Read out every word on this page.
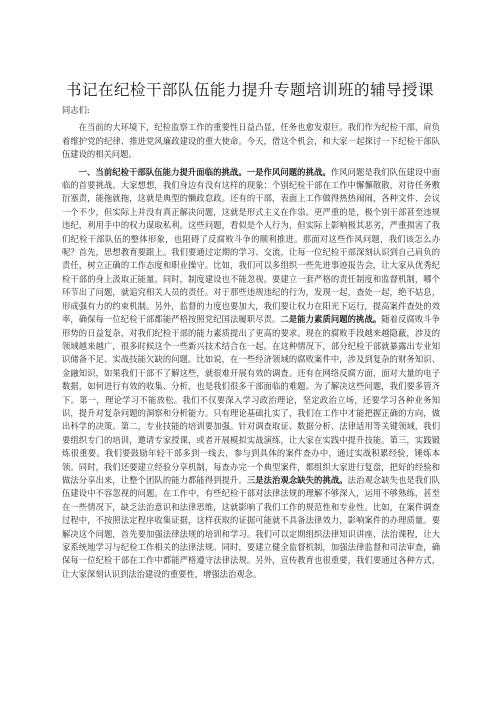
书记在纪检干部队伍能力提升专题培训班的辅导授课

同志们:

在当前的大环境下，纪检监察工作的重要性日益凸显，任务也愈发艰巨。我们作为纪检干部，肩负着维护党的纪律、推进党风廉政建设的重大使命。今天，借这个机会，和大家一起探讨一下纪检干部队伍建设的相关问题。

一、当前纪检干部队伍能力提升面临的挑战。一是作风问题的挑战。作风问题是我们队伍建设中面临的首要挑战。大家想想，我们身边有没有这样的现象：个别纪检干部在工作中懈懈散散，对待任务敷衍塞责，能拖就拖，这就是典型的懒政怠政。还有的干部，表面上工作做得热热闹闹，各种文件、会议一个不少，但实际上并没有真正解决问题，这就是形式主义在作祟。更严重的是，极个别干部甚至违规违纪，利用手中的权力谋取私利。这些问题，看似是个人行为，但实际上影响极其恶劣，严重损害了我们纪检干部队伍的整体形象，也阻碍了反腐败斗争的顺利推进。那面对这些作风问题，我们该怎么办呢？首先，思想教育要跟上。我们要通过定期的学习、交流，让每一位纪检干部深刻认识到自己肩负的责任，树立正确的工作态度和职业操守。比如，我们可以多组织一些先进事迹报告会，让大家从优秀纪检干部的身上汲取正能量。同时，制度建设也不能忽视。要建立一套严格的责任制度和监督机制，哪个环节出了问题，就追究相关人员的责任。对于那些违规违纪的行为，发现一起，查处一起，绝不姑息，形成强有力的约束机制。另外，监督的力度也要加大，我们要让权力在阳光下运行，提高案件查处的效率，确保每一位纪检干部都能严格按照党纪国法履职尽责。二是能力素质问题的挑战。随着反腐败斗争形势的日益复杂，对我们纪检干部的能力素质提出了更高的要求。现在的腐败手段越来越隐蔽，涉及的领域越来越广，很多时候这个一些新兴技术结合在一起。在这种情况下，部分纪检干部就暴露出专业知识储备不足、实战技能欠缺的问题。比如说，在一些经济领域的腐败案件中，涉及到复杂的财务知识、金融知识，如果我们干部不了解这些，就很难开展有效的调查。还有在网络反腐方面，面对大量的电子数据，如何进行有效的收集、分析，也是我们很多干部面临的难题。为了解决这些问题，我们要多管齐下。第一，理论学习不能放松。我们不仅要深入学习政治理论，坚定政治立场，还要学习各种业务知识，提升对复杂问题的洞察和分析能力。只有理论基础扎实了，我们在工作中才能把握正确的方向，做出科学的决策。第二，专业技能的培训要加强。针对调查取证、数据分析、法律适用等关键领域，我们要组织专门的培训，邀请专家授课，或者开展模拟实战演练，让大家在实践中提升技能。第三，实践锻炼很重要。我们要鼓励年轻干部多到一线去，参与到具体的案件查办中，通过实战积累经验，锤炼本领。同时，我们还要建立经验分享机制，每查办完一个典型案件，都组织大家进行复盘，把好的经验和做法分享出来，让整个团队的能力都能得到提升。三是法治观念缺失的挑战。法治观念缺失也是我们队伍建设中不容忽视的问题。在工作中，有些纪检干部对法律法规的理解不够深入，运用不够熟练，甚至在一些情况下，缺乏法治意识和法律思维，这就影响了我们工作的规范性和专业性。比如，在案件调查过程中，不按照法定程序收集证据，这样获取的证据可能就不具备法律效力，影响案件的办理质量。要解决这个问题，首先要加强法律法规的培训和学习。我们可以定期组织法律知识讲座、法治课程，让大家系统地学习与纪检工作相关的法律法规。同时，要建立健全监督机制，加强法律监督和司法审查，确保每一位纪检干部在工作中都能严格遵守法律法规。另外，宣传教育也很重要，我们要通过各种方式，让大家深刻认识到法治建设的重要性，增强法治观念。
